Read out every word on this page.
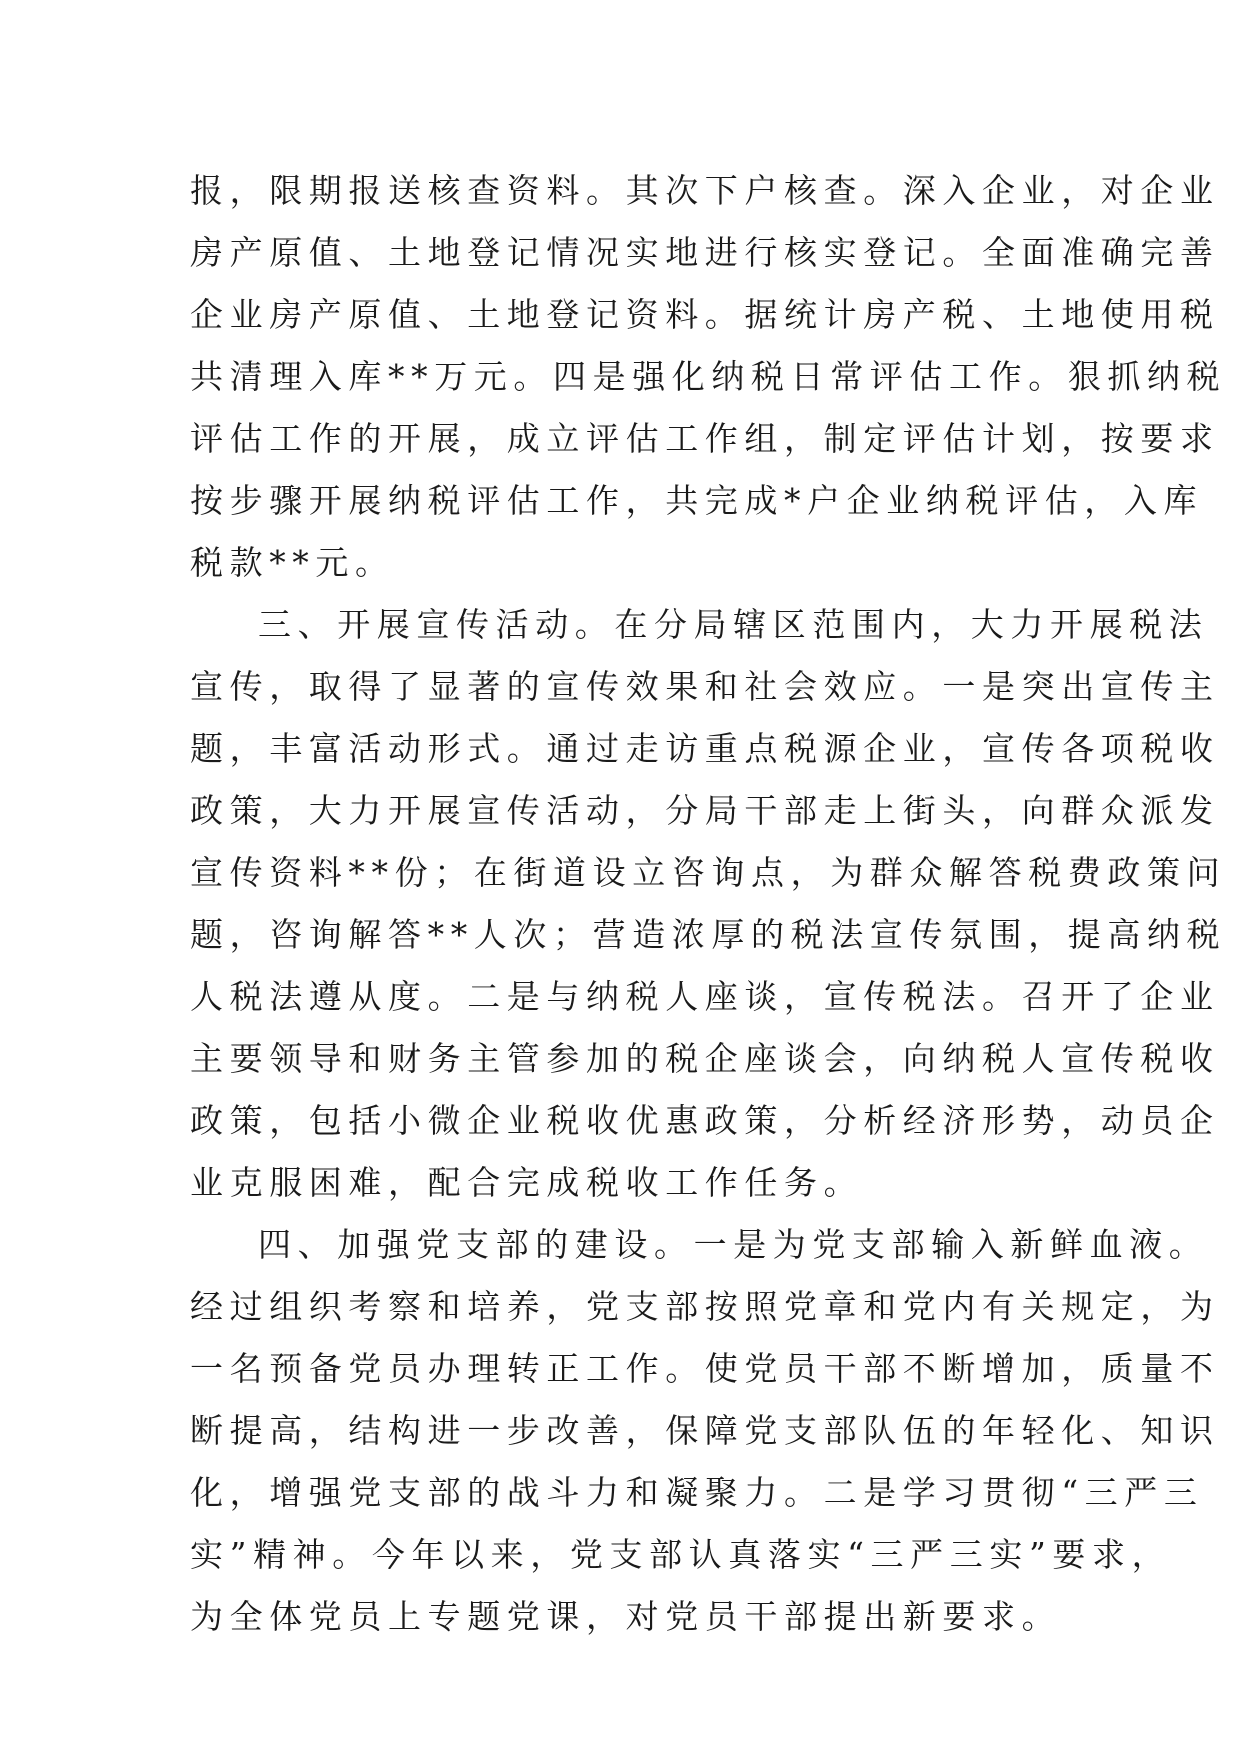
报，限期报送核查资料。其次下户核查。深入企业，对企业
房产原值、土地登记情况实地进行核实登记。全面准确完善
企业房产原值、土地登记资料。据统计房产税、土地使用税
共清理入库**万元。四是强化纳税日常评估工作。狠抓纳税
评估工作的开展，成立评估工作组，制定评估计划，按要求
按步骤开展纳税评估工作，共完成*户企业纳税评估，入库
税款**元。
三、开展宣传活动。在分局辖区范围内，大力开展税法
宣传，取得了显著的宣传效果和社会效应。一是突出宣传主
题，丰富活动形式。通过走访重点税源企业，宣传各项税收
政策，大力开展宣传活动，分局干部走上街头，向群众派发
宣传资料**份；在街道设立咨询点，为群众解答税费政策问
题，咨询解答**人次；营造浓厚的税法宣传氛围，提高纳税
人税法遵从度。二是与纳税人座谈，宣传税法。召开了企业
主要领导和财务主管参加的税企座谈会，向纳税人宣传税收
政策，包括小微企业税收优惠政策，分析经济形势，动员企
业克服困难，配合完成税收工作任务。
四、加强党支部的建设。一是为党支部输入新鲜血液。
经过组织考察和培养，党支部按照党章和党内有关规定，为
一名预备党员办理转正工作。使党员干部不断增加，质量不
断提高，结构进一步改善，保障党支部队伍的年轻化、知识
化，增强党支部的战斗力和凝聚力。二是学习贯彻“三严三
实”精神。今年以来，党支部认真落实“三严三实”要求，
为全体党员上专题党课，对党员干部提出新要求。
